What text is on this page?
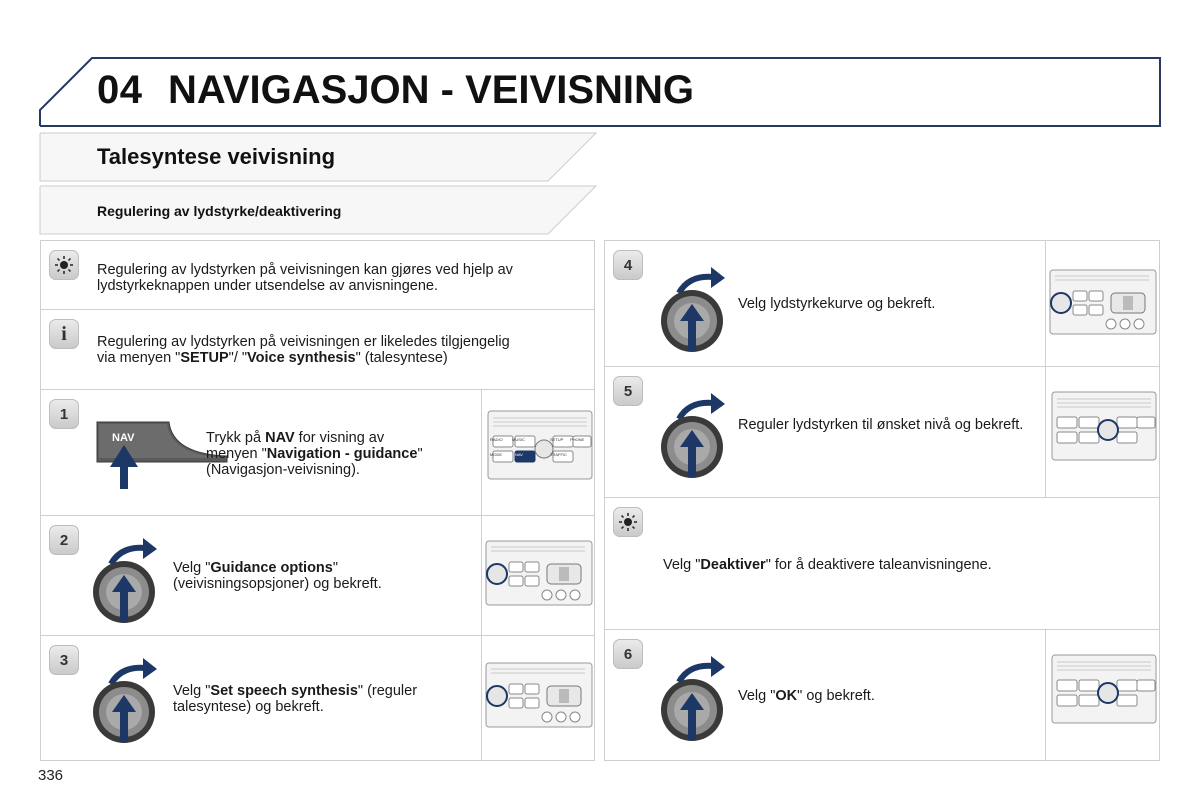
04 NAVIGASJON - VEIVISNING
Talesyntese veivisning
Regulering av lydstyrke/deaktivering
Regulering av lydstyrken på veivisningen kan gjøres ved hjelp av lydstyrkeknappen under utsendelse av anvisningene.
i	Regulering av lydstyrken på veivisningen er likeledes tilgjengelig
via menyen "SETUP"/ "Voice synthesis" (talesyntese)
1
NAV	Trykk på NAV for visning av
menyen "Navigation - guidance"
(Navigasjon-veivisning).
2
Velg "Guidance options"
(veivisningsopsjoner) og bekreft.
3
Velg "Set speech synthesis" (reguler
talesyntese) og bekreft.
4
Velg lydstyrkekurve og bekreft.
5
Reguler lydstyrken til ønsket nivå og bekreft.
Velg "Deaktiver" for å deaktivere taleanvisningene.
6
Velg "OK" og bekreft.
RADIO MUSIC	SETUP PHONE
MODE	NAV	TRAFFIC
336
